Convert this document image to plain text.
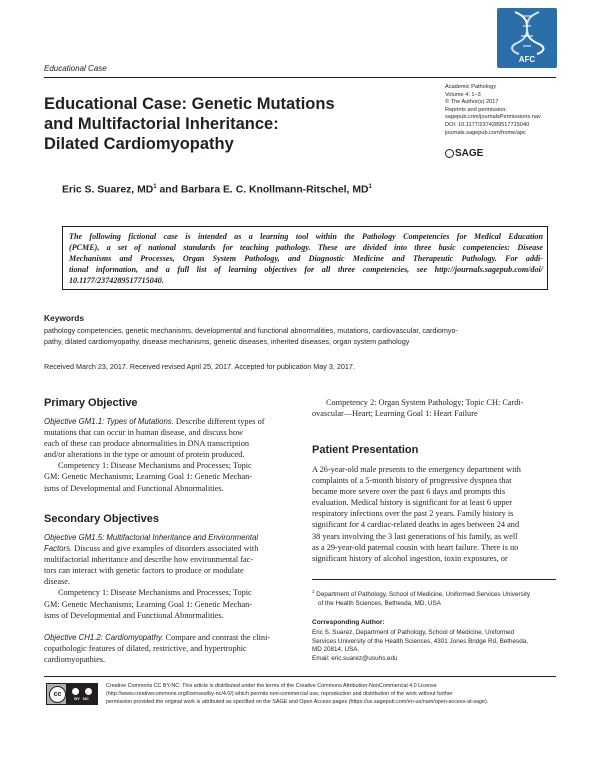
Educational Case
AFC
Academic Pathology
Volume 4: 1–3
© The Author(s) 2017
Reprints and permission:
sagepub.com/journalsPermissions.nav
DOI: 10.1177/2374289517715040
journals.sagepub.com/home/apc
SAGE
Educational Case: Genetic Mutations
and Multifactorial Inheritance:
Dilated Cardiomyopathy
Eric S. Suarez, $MD^1$ and Barbara E. C. Knollmann-Ritschel, $MD^1$
The following fictional case is intended as a learning tool within the Pathology Competencies for Medical Education
(PCME), a set of national standards for teaching pathology. These are divided into three basic competencies: Disease
Mechanisms and Processes, Organ System Pathology, and Diagnostic Medicine and Therapeutic Pathology. For addi-
tional information, and a full list of learning objectives for all three competencies, see http://journals.sagepub.com/doi/
10.1177/2374289517715040.
Keywords
pathology competencies, genetic mechanisms, developmental and functional abnormalities, mutations, cardiovascular, cardiomyo-
pathy, dilated cardiomyopathy, disease mechanisms, genetic diseases, inherited diseases, organ system pathology
Received March 23, 2017. Received revised April 25, 2017. Accepted for publication May 3, 2017.
Primary Objective
Objective GM1.1: Types of Mutations. Describe different types of
mutations that can occur in human disease, and discuss how
each of these can produce abnormalities in DNA transcription
and/or alterations in the type or amount of protein produced.
Competency 1: Disease Mechanisms and Processes; Topic
GM: Genetic Mechanisms; Learning Goal 1: Genetic Mechan-
isms of Developmental and Functional Abnormalities.
Secondary Objectives
Objective GM1.5: Multifactorial Inheritance and Environmental
Factors. Discuss and give examples of disorders associated with
multifactorial inheritance and describe how environmental fac-
tors can interact with genetic factors to produce or modulate
disease.
Competency 1: Disease Mechanisms and Processes; Topic
GM: Genetic Mechanisms; Learning Goal 1: Genetic Mechan-
isms of Developmental and Functional Abnormalities.
Objective CH1.2: Cardiomyopathy. Compare and contrast the clini-
copathologic features of dilated, restrictive, and hypertrophic
cardiomyopathies.
Competency 2: Organ System Pathology; Topic CH: Cardi-
ovascular—Heart; Learning Goal 1: Heart Failure
Patient Presentation
A 26-year-old male presents to the emergency department with
complaints of a 5-month history of progressive dyspnea that
became more severe over the past 6 days and prompts this
evaluation. Medical history is significant for at least 6 upper
respiratory infections over the past 2 years. Family history is
significant for 4 cardiac-related deaths in ages between 24 and
38 years involving the 3 last generations of his family, as well
as a 29-year-old paternal cousin with heart failure. There is no
significant history of alcohol ingestion, toxin exposures, or
$^1$ Department of Pathology, School of Medicine, Uniformed Services University
of the Health Sciences, Bethesda, MD, USA
Corresponding Author:
Eric S. Suarez, Department of Pathology, School of Medicine, Uniformed
Services University of the Health Sciences, 4301 Jones Bridge Rd, Bethesda,
MD 20814, USA.
Email: eric.suarez@usuhs.edu
cc
BY   NC
Creative Commons CC BY-NC: This article is distributed under the terms of the Creative Commons Attribution-NonCommercial 4.0 License
(http://www.creativecommons.org/licenses/by-nc/4.0/) which permits non-commercial use, reproduction and distribution of the work without further
permission provided the original work is attributed as specified on the SAGE and Open Access pages (https://us.sagepub.com/en-us/nam/open-access-at-sage).
